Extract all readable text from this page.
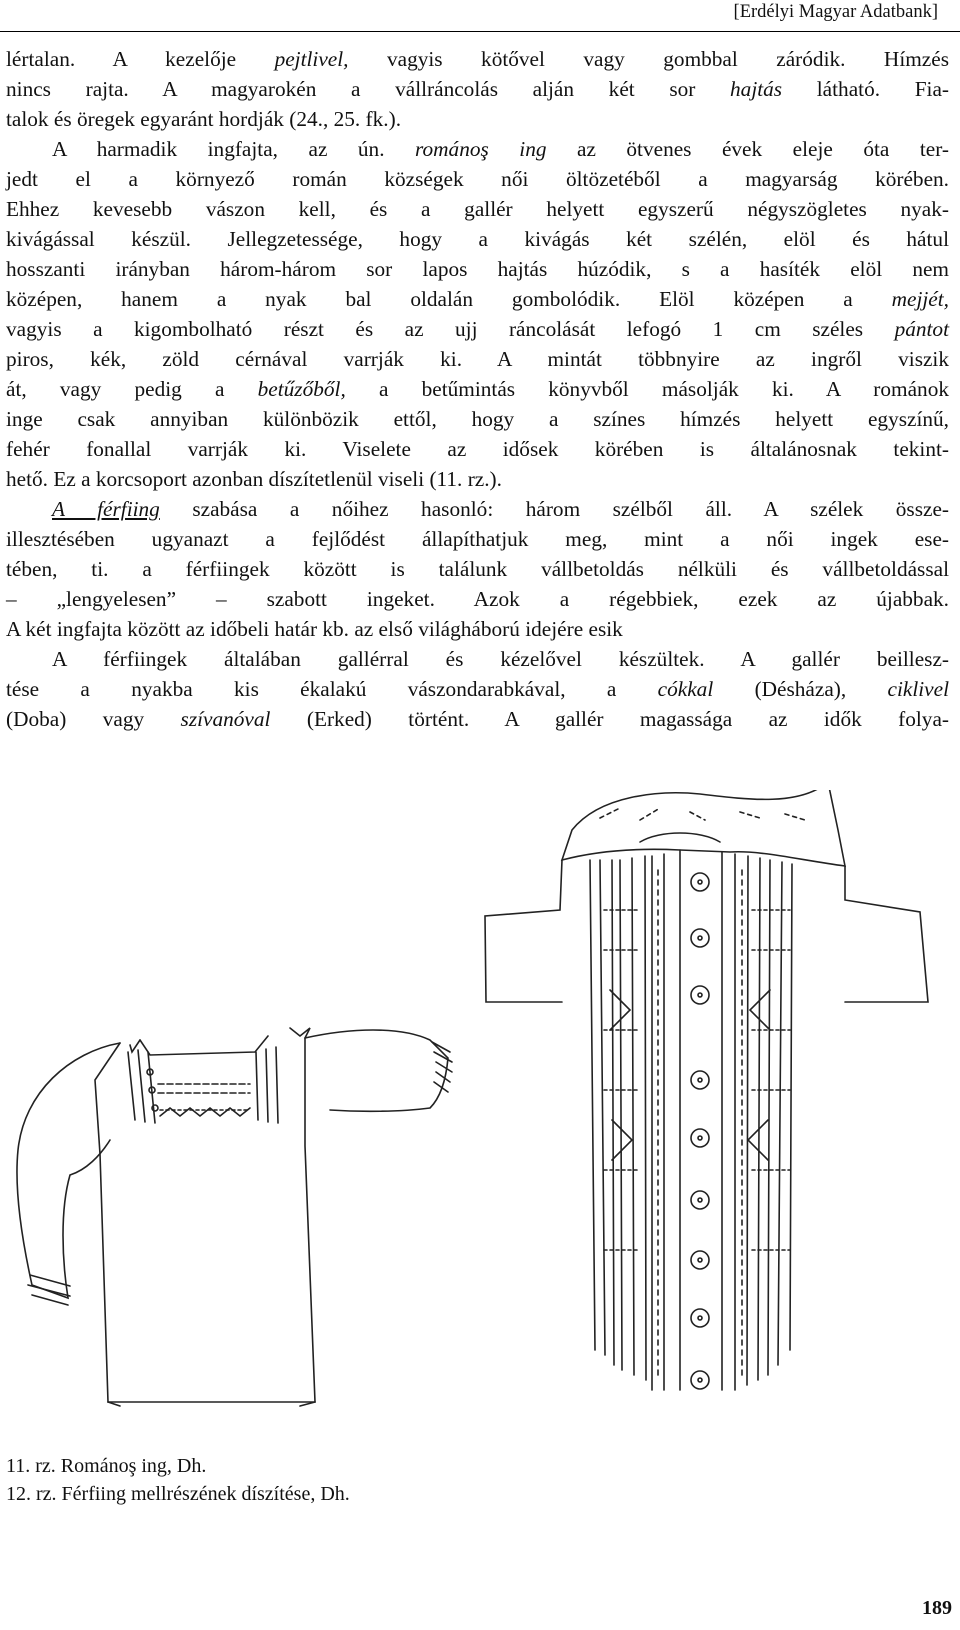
[Erdélyi Magyar Adatbank]
lértalan. A kezelője pejtlivel, vagyis kötővel vagy gombbal záródik. Hímzés
nincs rajta. A magyarokén a vállráncolás alján két sor hajtás látható. Fia-
talok és öregek egyaránt hordják (24., 25. fk.).
A harmadik ingfajta, az ún. románoş ing az ötvenes évek eleje óta ter-
jedt el a környező román községek női öltözetéből a magyarság körében.
Ehhez kevesebb vászon kell, és a gallér helyett egyszerű négyszögletes nyak-
kivágással készül. Jellegzetessége, hogy a kivágás két szélén, elöl és hátul
hosszanti irányban három-három sor lapos hajtás húzódik, s a hasíték elöl nem
középen, hanem a nyak bal oldalán gombolódik. Elöl középen a mejjét,
vagyis a kigombolható részt és az ujj ráncolását lefogó 1 cm széles pántot
piros, kék, zöld cérnával varrják ki. A mintát többnyire az ingről viszik
át, vagy pedig a betűzőből, a betűmintás könyvből másolják ki. A románok
inge csak annyiban különbözik ettől, hogy a színes hímzés helyett egyszínű,
fehér fonallal varrják ki. Viselete az idősek körében is általánosnak tekint-
hető. Ez a korcsoport azonban díszítetlenül viseli (11. rz.).
A férfiing szabása a nőihez hasonló: három szélből áll. A szélek össze-
illesztésében ugyanazt a fejlődést állapíthatjuk meg, mint a női ingek ese-
tében, ti. a férfiingek között is találunk vállbetoldás nélküli és vállbetoldással
– „lengyelesen” – szabott ingeket. Azok a régebbiek, ezek az újabbak.
A két ingfajta között az időbeli határ kb. az első világháború idejére esik
A férfiingek általában gallérral és kézelővel készültek. A gallér beillesz-
tése a nyakba kis ékalakú vászondarabkával, a cókkal (Désháza), ciklivel
(Doba) vagy szívanóval (Erked) történt. A gallér magassága az idők folya-
11. rz. Románoş ing, Dh.
12. rz. Férfiing mellrészének díszítése, Dh.
189
